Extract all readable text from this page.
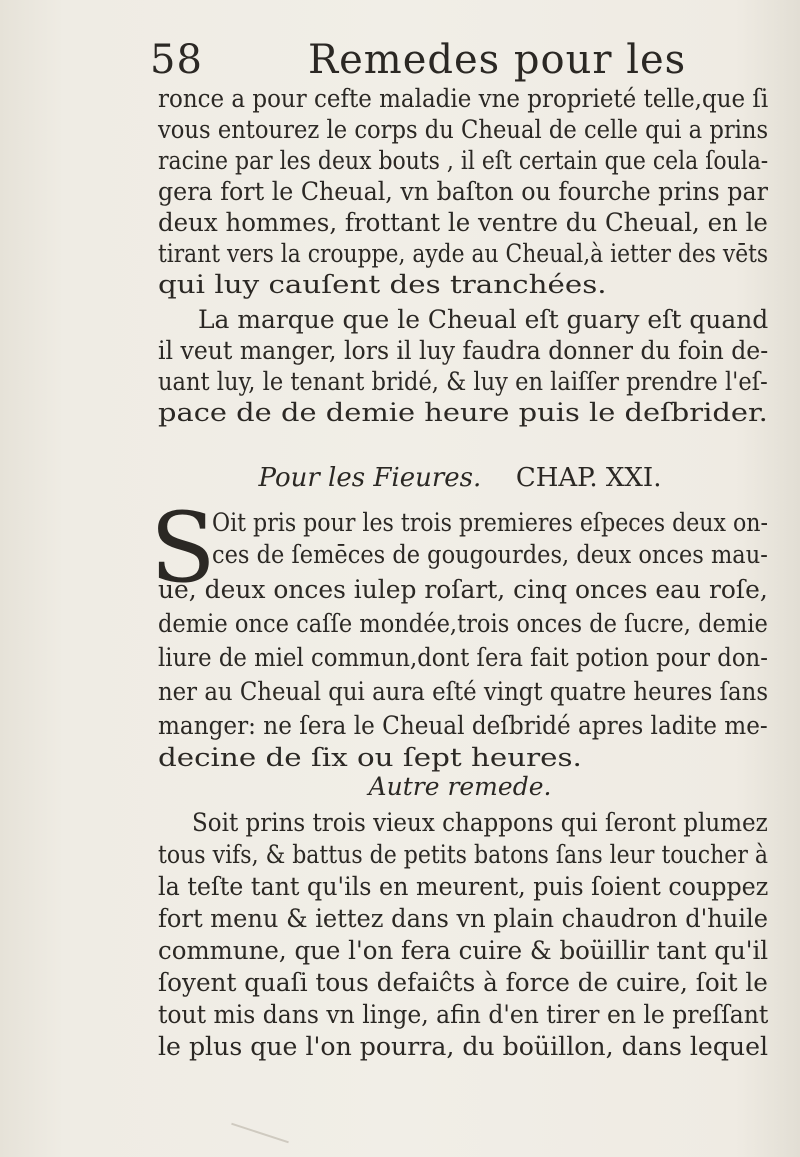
58	Remedes pour les
ronce a pour cefte maladie vne proprieté telle,que ſi
vous entourez le corps du Cheual de celle qui a prins
racine par les deux bouts , il eſt certain que cela ſoula-
gera fort le Cheual, vn baſton ou fourche prins par
deux hommes, frottant le ventre du Cheual, en le
tirant vers la crouppe, ayde au Cheual,à ietter des vēts
qui luy cauſent des tranchées.
La marque que le Cheual eſt guary eſt quand
il veut manger, lors il luy faudra donner du foin de-
uant luy, le tenant bridé, & luy en laiſſer prendre l'eſ-
pace de de demie heure puis le deſbrider.
Pour les Fieures. CHAP. XXI.
S
Oit pris pour les trois premieres eſpeces deux on-
ces de ſemēces de gougourdes, deux onces mau-
ue, deux onces iulep roſart, cinq onces eau roſe,
demie once caſſe mondée,trois onces de ſucre, demie
liure de miel commun,dont ſera fait potion pour don-
ner au Cheual qui aura eſté vingt quatre heures ſans
manger: ne ſera le Cheual deſbridé apres ladite me-
decine de ſix ou ſept heures.
Autre remede.
Soit prins trois vieux chappons qui ſeront plumez
tous vifs, & battus de petits batons ſans leur toucher à
la teſte tant qu'ils en meurent, puis ſoient couppez
fort menu & iettez dans vn plain chaudron d'huile
commune, que l'on fera cuire & boüillir tant qu'il
ſoyent quaſi tous defaiĉts à force de cuire, ſoit le
tout mis dans vn linge, afin d'en tirer en le preſſant
le plus que l'on pourra, du boüillon, dans lequel
